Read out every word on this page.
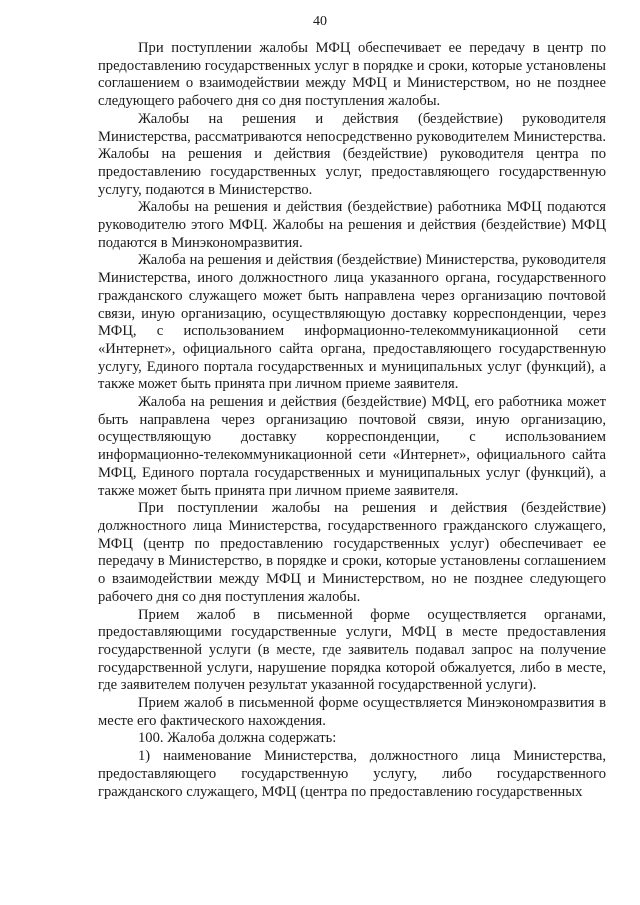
40

При поступлении жалобы МФЦ обеспечивает ее передачу в центр по предоставлению государственных услуг в порядке и сроки, которые установлены соглашением о взаимодействии между МФЦ и Министерством, но не позднее следующего рабочего дня со дня поступления жалобы.

Жалобы на решения и действия (бездействие) руководителя Министерства, рассматриваются непосредственно руководителем Министерства. Жалобы на решения и действия (бездействие) руководителя центра по предоставлению государственных услуг, предоставляющего государственную услугу, подаются в Министерство.

Жалобы на решения и действия (бездействие) работника МФЦ подаются руководителю этого МФЦ. Жалобы на решения и действия (бездействие) МФЦ подаются в Минэкономразвития.

Жалоба на решения и действия (бездействие) Министерства, руководителя Министерства, иного должностного лица указанного органа, государственного гражданского служащего может быть направлена через организацию почтовой связи, иную организацию, осуществляющую доставку корреспонденции, через МФЦ, с использованием информационно-телекоммуникационной сети «Интернет», официального сайта органа, предоставляющего государственную услугу, Единого портала государственных и муниципальных услуг (функций), а также может быть принята при личном приеме заявителя.

Жалоба на решения и действия (бездействие) МФЦ, его работника может быть направлена через организацию почтовой связи, иную организацию, осуществляющую доставку корреспонденции, с использованием информационно-телекоммуникационной сети «Интернет», официального сайта МФЦ, Единого портала государственных и муниципальных услуг (функций), а также может быть принята при личном приеме заявителя.

При поступлении жалобы на решения и действия (бездействие) должностного лица Министерства, государственного гражданского служащего, МФЦ (центр по предоставлению государственных услуг) обеспечивает ее передачу в Министерство, в порядке и сроки, которые установлены соглашением о взаимодействии между МФЦ и Министерством, но не позднее следующего рабочего дня со дня поступления жалобы.

Прием жалоб в письменной форме осуществляется органами, предоставляющими государственные услуги, МФЦ в месте предоставления государственной услуги (в месте, где заявитель подавал запрос на получение государственной услуги, нарушение порядка которой обжалуется, либо в месте, где заявителем получен результат указанной государственной услуги).

Прием жалоб в письменной форме осуществляется Минэкономразвития в месте его фактического нахождения.

100. Жалоба должна содержать:

1) наименование Министерства, должностного лица Министерства, предоставляющего государственную услугу, либо государственного гражданского служащего, МФЦ (центра по предоставлению государственных
